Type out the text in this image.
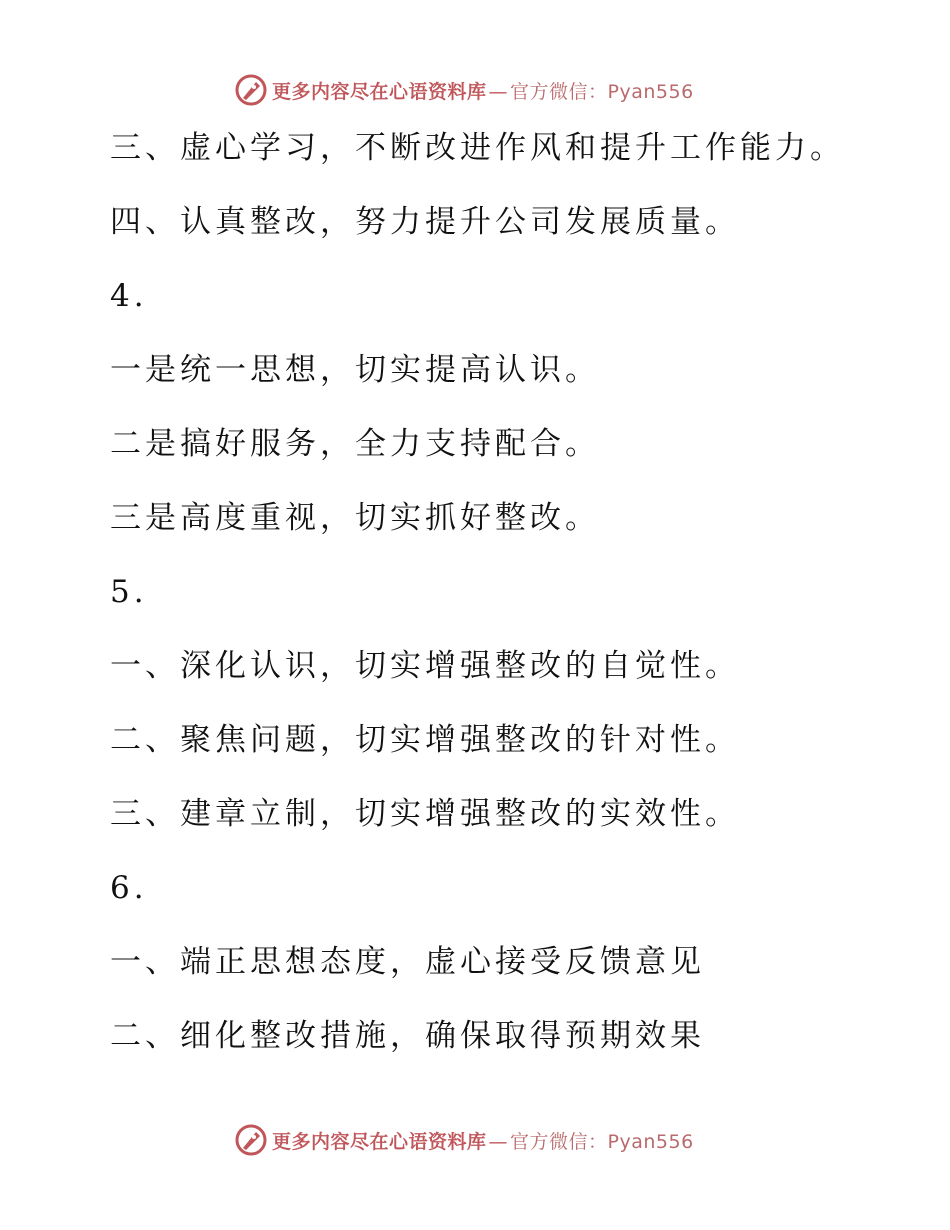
更多内容尽在心语资料库 — 官方微信：Pyan556
三、虚心学习，不断改进作风和提升工作能力。
四、认真整改，努力提升公司发展质量。
4.
一是统一思想，切实提高认识。
二是搞好服务，全力支持配合。
三是高度重视，切实抓好整改。
5.
一、深化认识，切实增强整改的自觉性。
二、聚焦问题，切实增强整改的针对性。
三、建章立制，切实增强整改的实效性。
6.
一、端正思想态度，虚心接受反馈意见
二、细化整改措施，确保取得预期效果
更多内容尽在心语资料库 — 官方微信：Pyan556
